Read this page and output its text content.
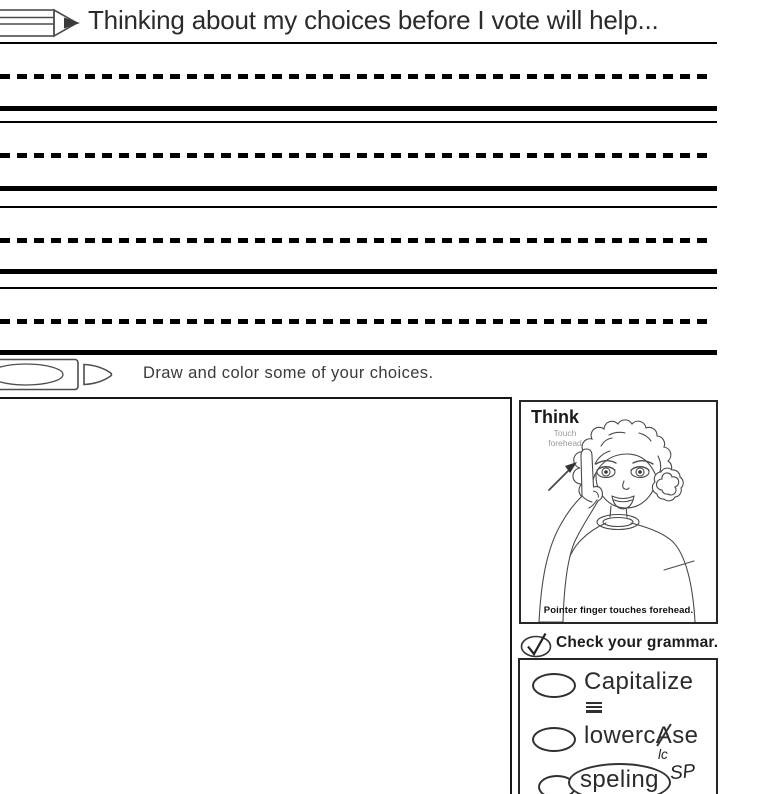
Thinking about my choices before I vote will help...
Draw and color some of your choices.
Think
Touch
forehead
Pointer finger touches forehead.
Check your grammar.
Capitalize
lowercAse
lc
speling SP
